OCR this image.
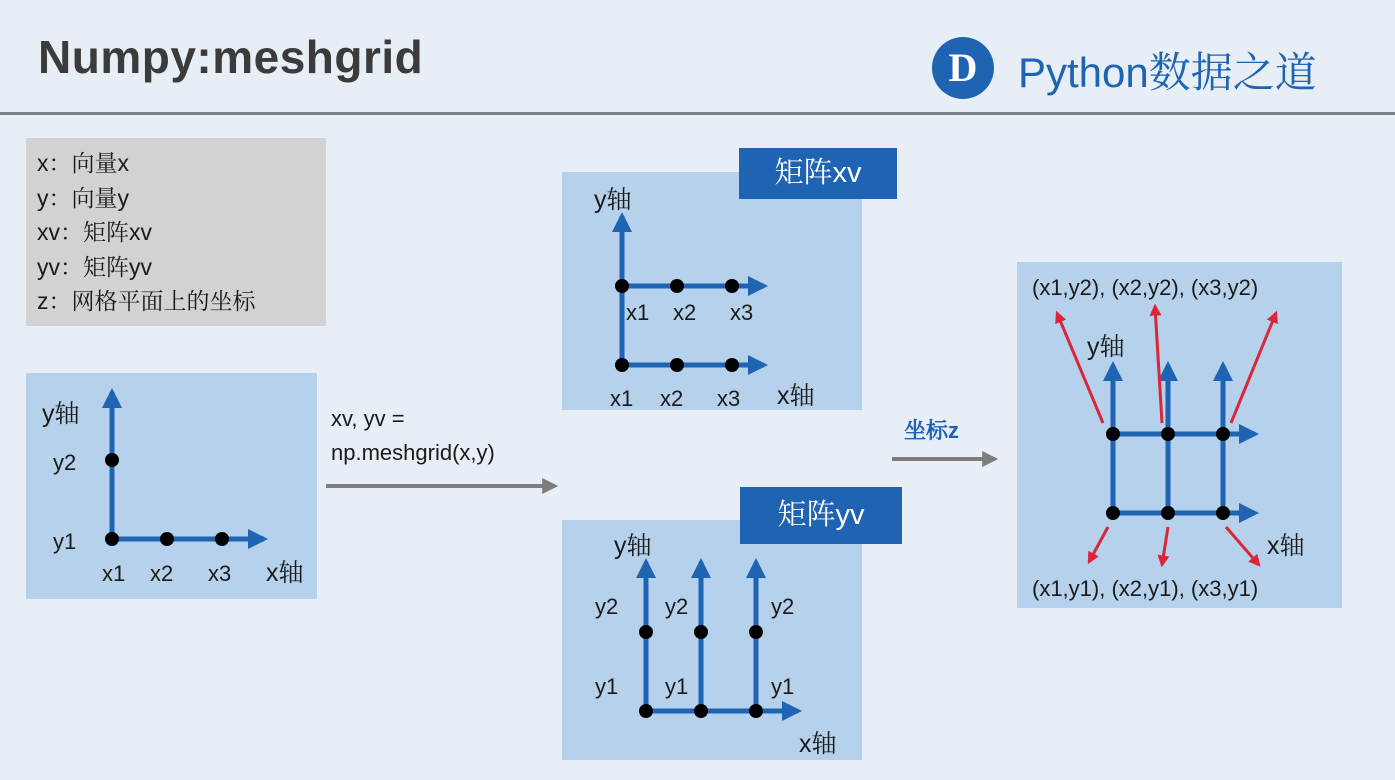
Numpy:meshgrid	D Python数据之道
x：向量x
y：向量y
xv：矩阵xv
yv：矩阵yv
z：网格平面上的坐标
矩阵xv
矩阵yv
y轴
y2
y1
x1 x2 x3 x轴
xv, yv =
np.meshgrid(x,y)
y轴
x1 x2 x3
x1 x2 x3 x轴
y轴
y2
y1
y2
y1
y2
y1
x轴
坐标z
(x1,y2), (x2,y2), (x3,y2)
y轴
x轴
(x1,y1), (x2,y1), (x3,y1)
